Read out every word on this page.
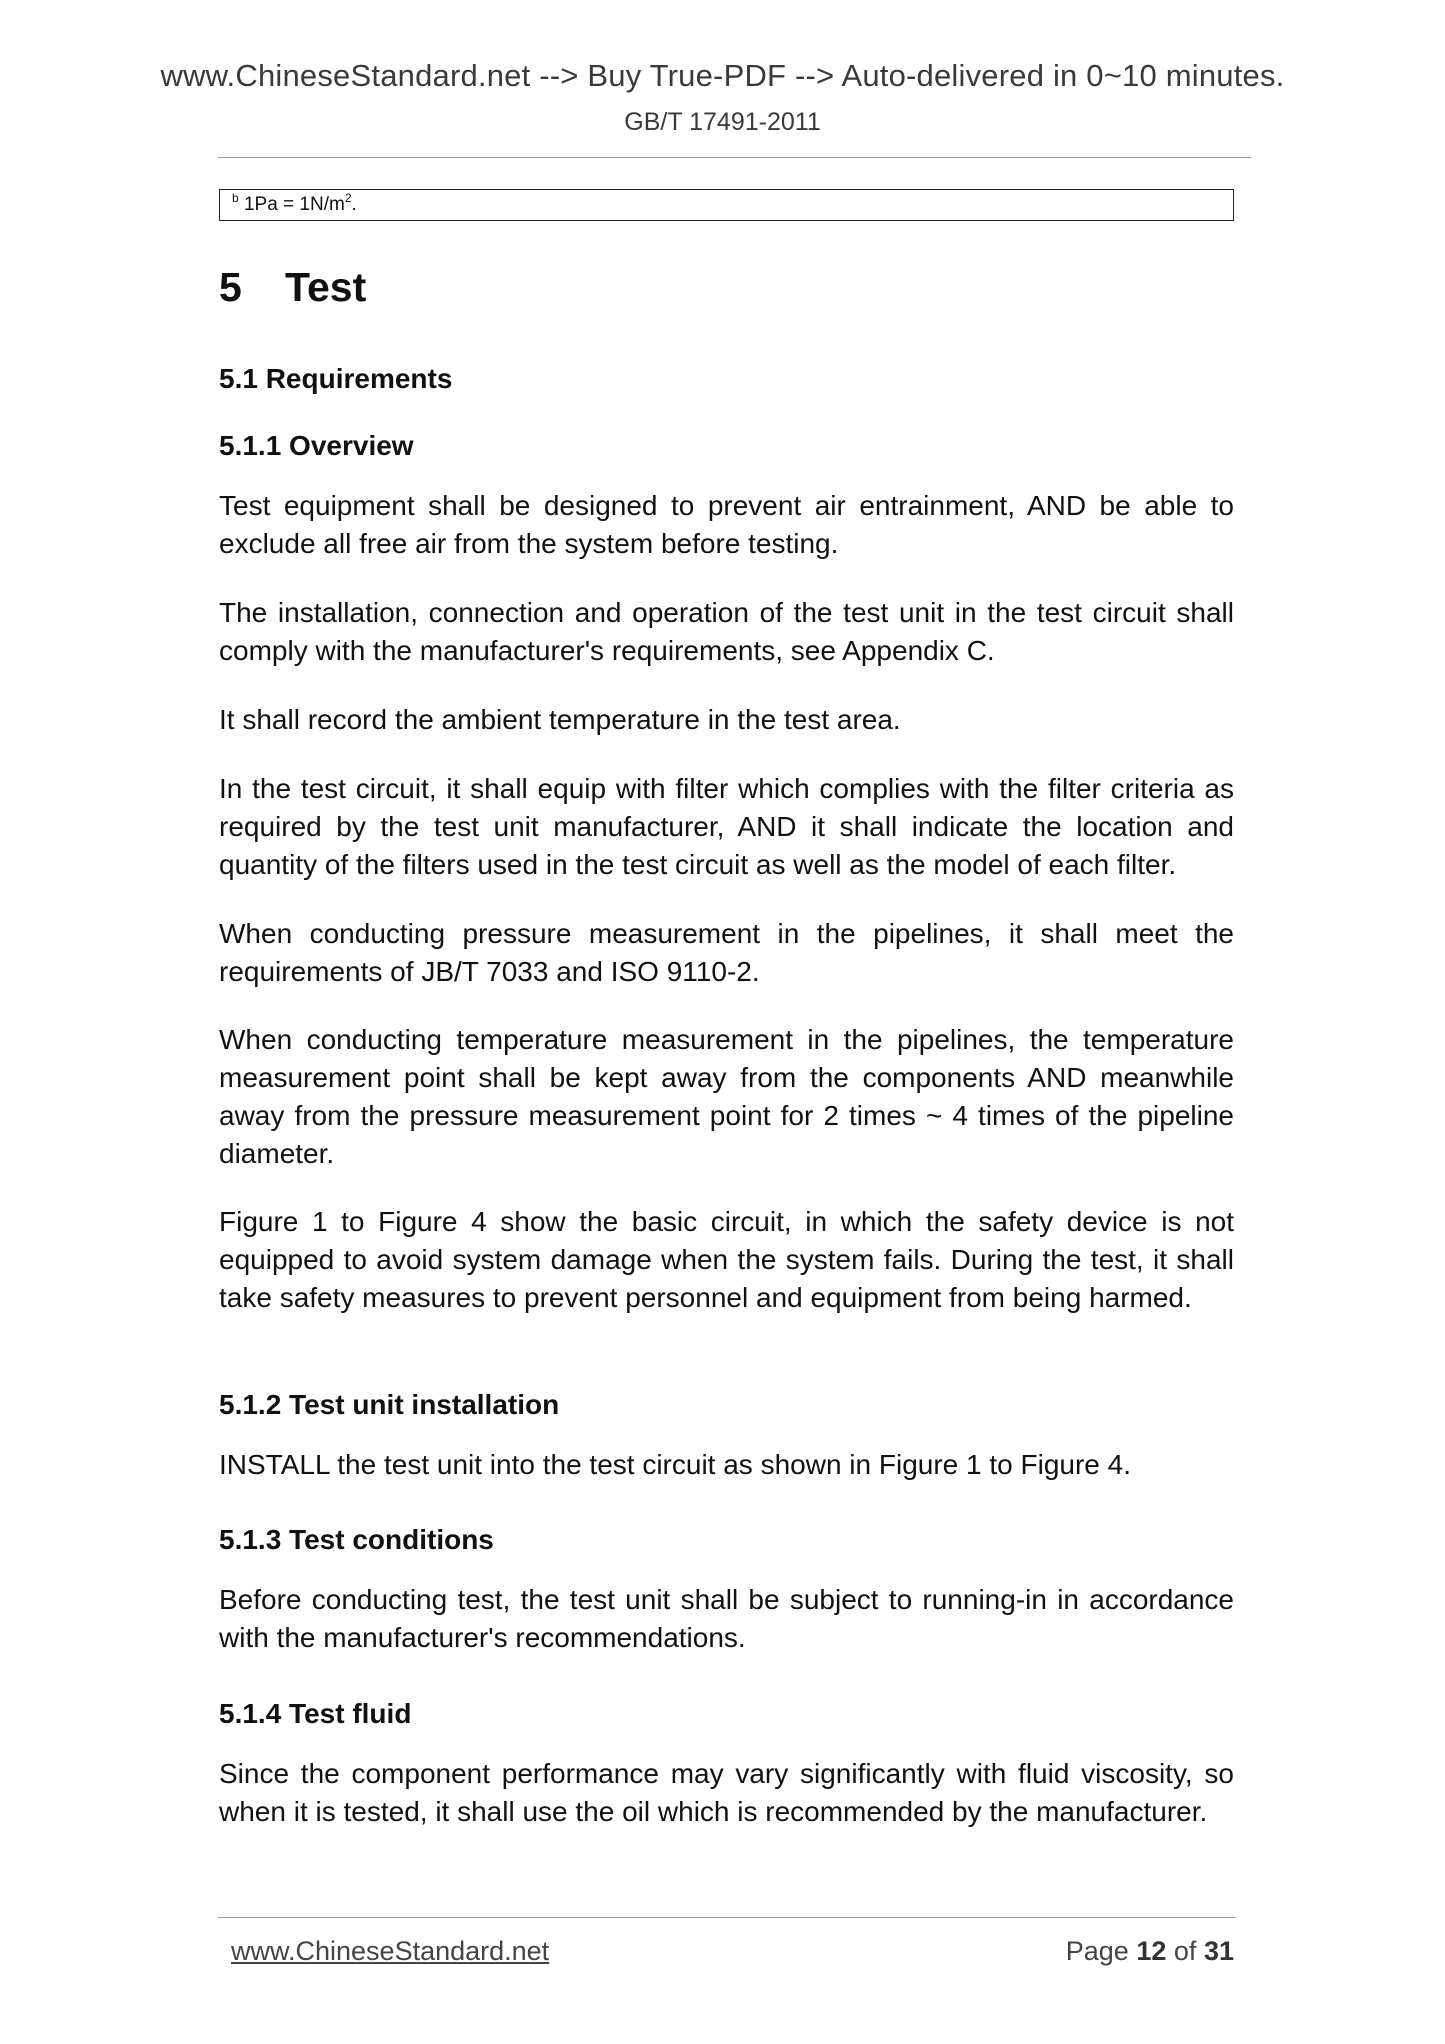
www.ChineseStandard.net --> Buy True-PDF --> Auto-delivered in 0~10 minutes.
GB/T 17491-2011
$^b$ $1Pa = 1N/m^2$.
5 Test
5.1 Requirements
5.1.1 Overview
Test equipment shall be designed to prevent air entrainment, AND be able to exclude all free air from the system before testing.
The installation, connection and operation of the test unit in the test circuit shall comply with the manufacturer's requirements, see Appendix C.
It shall record the ambient temperature in the test area.
In the test circuit, it shall equip with filter which complies with the filter criteria as required by the test unit manufacturer, AND it shall indicate the location and quantity of the filters used in the test circuit as well as the model of each filter.
When conducting pressure measurement in the pipelines, it shall meet the requirements of JB/T 7033 and ISO 9110-2.
When conducting temperature measurement in the pipelines, the temperature measurement point shall be kept away from the components AND meanwhile away from the pressure measurement point for 2 times ~ 4 times of the pipeline diameter.
Figure 1 to Figure 4 show the basic circuit, in which the safety device is not equipped to avoid system damage when the system fails. During the test, it shall take safety measures to prevent personnel and equipment from being harmed.
5.1.2 Test unit installation
INSTALL the test unit into the test circuit as shown in Figure 1 to Figure 4.
5.1.3 Test conditions
Before conducting test, the test unit shall be subject to running-in in accordance with the manufacturer's recommendations.
5.1.4 Test fluid
Since the component performance may vary significantly with fluid viscosity, so when it is tested, it shall use the oil which is recommended by the manufacturer.
www.ChineseStandard.net	Page 12 of 31
